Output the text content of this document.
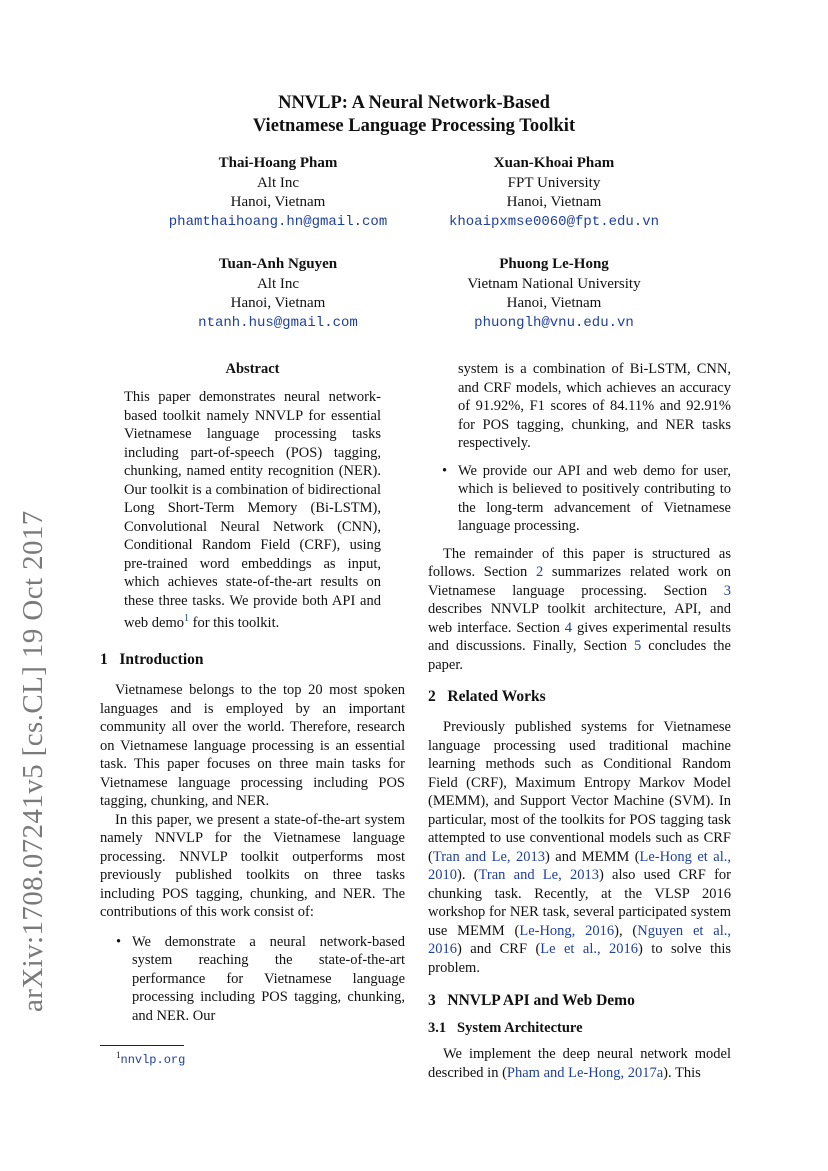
arXiv:1708.07241v5 [cs.CL] 19 Oct 2017
NNVLP: A Neural Network-Based
Vietnamese Language Processing Toolkit
Thai-Hoang Pham
Alt Inc
Hanoi, Vietnam
phamthaihoang.hn@gmail.com
Xuan-Khoai Pham
FPT University
Hanoi, Vietnam
khoaipxmse0060@fpt.edu.vn
Tuan-Anh Nguyen
Alt Inc
Hanoi, Vietnam
ntanh.hus@gmail.com
Phuong Le-Hong
Vietnam National University
Hanoi, Vietnam
phuonglh@vnu.edu.vn
Abstract

This paper demonstrates neural network-based toolkit namely NNVLP for essential Vietnamese language processing tasks including part-of-speech (POS) tagging, chunking, named entity recognition (NER). Our toolkit is a combination of bidirectional Long Short-Term Memory (Bi-LSTM), Convolutional Neural Network (CNN), Conditional Random Field (CRF), using pre-trained word embeddings as input, which achieves state-of-the-art results on these three tasks. We provide both API and web demo$^1$ for this toolkit.

1 Introduction

Vietnamese belongs to the top 20 most spoken languages and is employed by an important community all over the world. Therefore, research on Vietnamese language processing is an essential task. This paper focuses on three main tasks for Vietnamese language processing including POS tagging, chunking, and NER.

In this paper, we present a state-of-the-art system namely NNVLP for the Vietnamese language processing. NNVLP toolkit outperforms most previously published toolkits on three tasks including POS tagging, chunking, and NER. The contributions of this work consist of:

• We demonstrate a neural network-based system reaching the state-of-the-art performance for Vietnamese language processing including POS tagging, chunking, and NER. Our
$^1$nnvlp.org

system is a combination of Bi-LSTM, CNN, and CRF models, which achieves an accuracy of 91.92%, F1 scores of 84.11% and 92.91% for POS tagging, chunking, and NER tasks respectively.

• We provide our API and web demo for user, which is believed to positively contributing to the long-term advancement of Vietnamese language processing.

The remainder of this paper is structured as follows. Section 2 summarizes related work on Vietnamese language processing. Section 3 describes NNVLP toolkit architecture, API, and web interface. Section 4 gives experimental results and discussions. Finally, Section 5 concludes the paper.

2 Related Works

Previously published systems for Vietnamese language processing used traditional machine learning methods such as Conditional Random Field (CRF), Maximum Entropy Markov Model (MEMM), and Support Vector Machine (SVM). In particular, most of the toolkits for POS tagging task attempted to use conventional models such as CRF (Tran and Le, 2013) and MEMM (Le-Hong et al., 2010). (Tran and Le, 2013) also used CRF for chunking task. Recently, at the VLSP 2016 workshop for NER task, several participated system use MEMM (Le-Hong, 2016), (Nguyen et al., 2016) and CRF (Le et al., 2016) to solve this problem.

3 NNVLP API and Web Demo
3.1 System Architecture

We implement the deep neural network model described in (Pham and Le-Hong, 2017a). This
